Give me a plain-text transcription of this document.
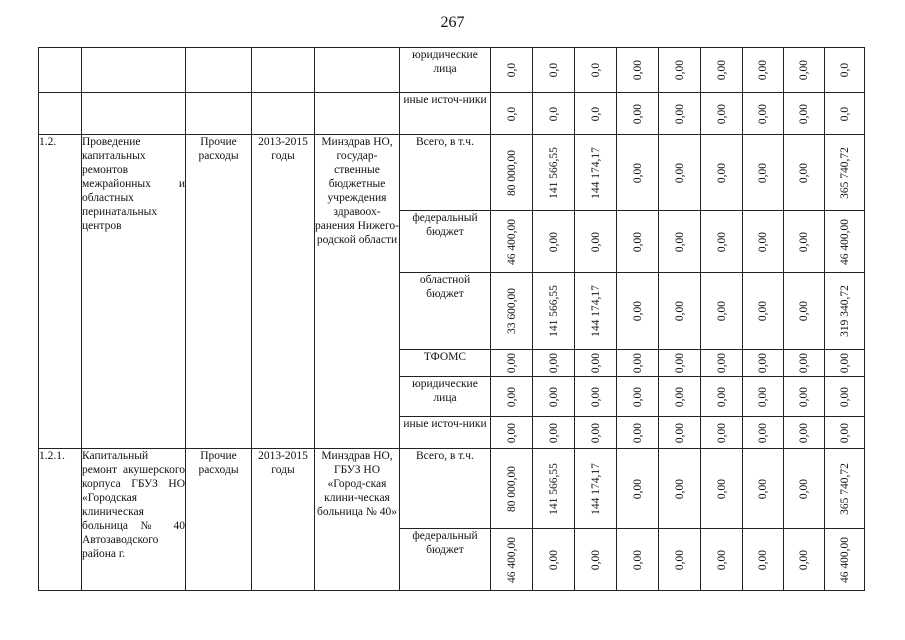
267
					юридические лица	0,0	0,0	0,0	0,00	0,00	0,00	0,00	0,00	0,0

					иные источ-ники	0,0	0,0	0,0	0,00	0,00	0,00	0,00	0,00	0,0

1.2.	Проведение капитальных ремонтов межрайонных и областных перинатальных центров	Прочие расходы	2013-2015 годы	Минздрав НО, государ-ственные бюджетные учреждения здравоох-ранения Нижего-родской области	Всего, в т.ч.	80 000,00	141 566,55	144 174,17	0,00	0,00	0,00	0,00	0,00	365 740,72

					федеральный бюджет	46 400,00	0,00	0,00	0,00	0,00	0,00	0,00	0,00	46 400,00

					областной бюджет	33 600,00	141 566,55	144 174,17	0,00	0,00	0,00	0,00	0,00	319 340,72

					ТФОМС	0,00	0,00	0,00	0,00	0,00	0,00	0,00	0,00	0,00

					юридические лица	0,00	0,00	0,00	0,00	0,00	0,00	0,00	0,00	0,00

					иные источ-ники	0,00	0,00	0,00	0,00	0,00	0,00	0,00	0,00	0,00

1.2.1.	Капитальный ремонт акушерского корпуса ГБУЗ НО «Городская клиническая больница № 40 Автозаводского района г.	Прочие расходы	2013-2015 годы	Минздрав НО, ГБУЗ НО «Город-ская клини-ческая больница № 40»	Всего, в т.ч.	80 000,00	141 566,55	144 174,17	0,00	0,00	0,00	0,00	0,00	365 740,72

					федеральный бюджет	46 400,00	0,00	0,00	0,00	0,00	0,00	0,00	0,00	46 400,00
